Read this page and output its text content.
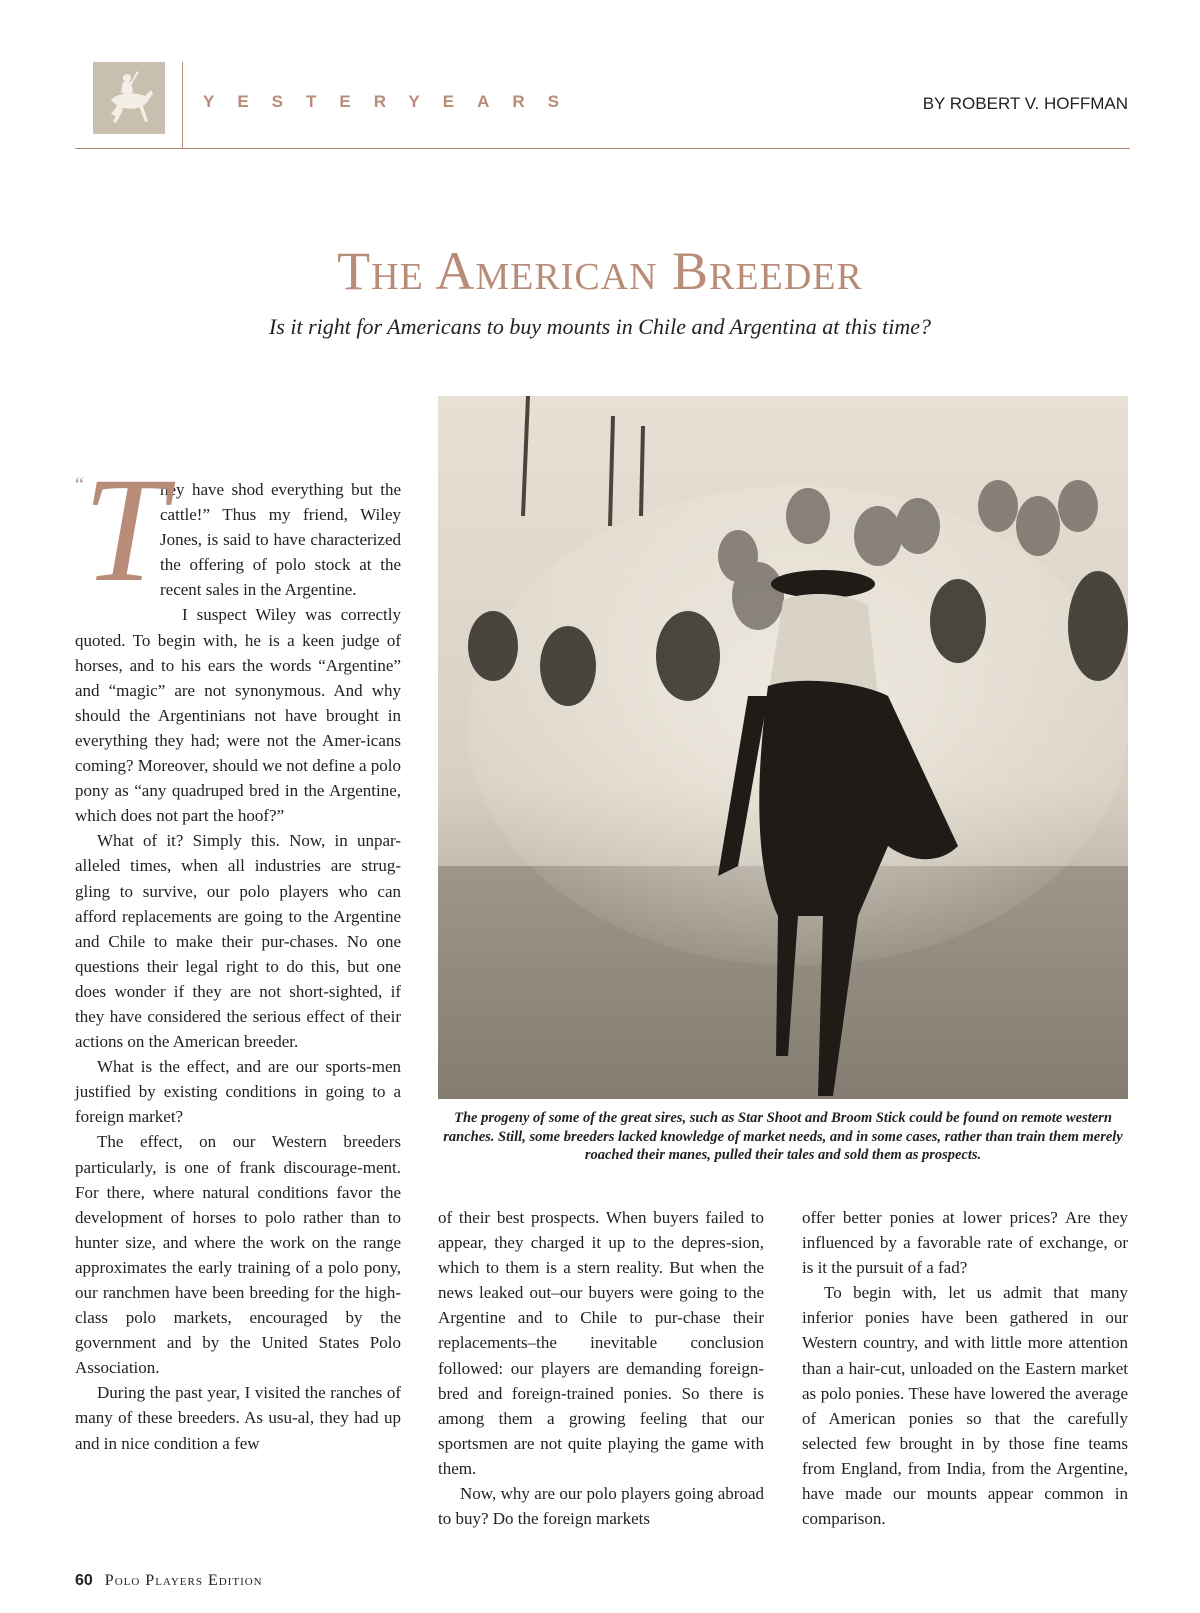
YESTERYEARS	BY ROBERT V. HOFFMAN

The American Breeder

Is it right for Americans to buy mounts in Chile and Argentina at this time?

The progeny of some of the great sires, such as Star Shoot and Broom Stick could be found on remote western ranches. Still, some breeders lacked knowledge of market needs, and in some cases, rather than train them merely roached their manes, pulled their tales and sold them as prospects.

“ T

hey have shod everything but the cattle!” Thus my friend, Wiley Jones, is said to have characterized the offering of polo stock at the recent sales in the Argentine.

I suspect Wiley was correctly quoted. To begin with, he is a keen judge of horses, and to his ears the words “Argentine” and “magic” are not synonymous. And why should the Argentinians not have brought in everything they had; were not the Amer-icans coming? Moreover, should we not define a polo pony as “any quadruped bred in the Argentine, which does not part the hoof?”

What of it? Simply this. Now, in unpar-alleled times, when all industries are strug-gling to survive, our polo players who can afford replacements are going to the Argentine and Chile to make their pur-chases. No one questions their legal right to do this, but one does wonder if they are not short-sighted, if they have considered the serious effect of their actions on the American breeder.

What is the effect, and are our sports-men justified by existing conditions in going to a foreign market?

The effect, on our Western breeders particularly, is one of frank discourage-ment. For there, where natural conditions favor the development of horses to polo rather than to hunter size, and where the work on the range approximates the early training of a polo pony, our ranchmen have been breeding for the high-class polo markets, encouraged by the government and by the United States Polo Association.

During the past year, I visited the ranches of many of these breeders. As usu-al, they had up and in nice condition a few

of their best prospects. When buyers failed to appear, they charged it up to the depres-sion, which to them is a stern reality. But when the news leaked out–our buyers were going to the Argentine and to Chile to pur-chase their replacements–the inevitable conclusion followed: our players are demanding foreign-bred and foreign-trained ponies. So there is among them a growing feeling that our sportsmen are not quite playing the game with them.

Now, why are our polo players going abroad to buy? Do the foreign markets

offer better ponies at lower prices? Are they influenced by a favorable rate of exchange, or is it the pursuit of a fad?

To begin with, let us admit that many inferior ponies have been gathered in our Western country, and with little more attention than a hair-cut, unloaded on the Eastern market as polo ponies. These have lowered the average of American ponies so that the carefully selected few brought in by those fine teams from England, from India, from the Argentine, have made our mounts appear common in comparison.

60 Polo Players Edition
